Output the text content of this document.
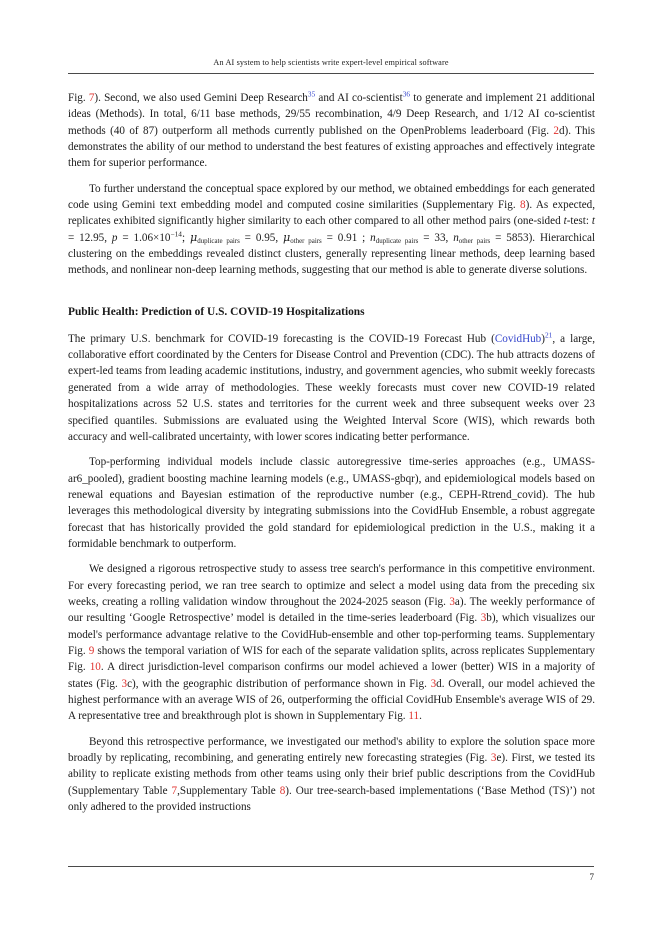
An AI system to help scientists write expert-level empirical software

Fig. 7). Second, we also used Gemini Deep Research$^{35}$ and AI co-scientist$^{36}$ to generate and implement 21 additional ideas (Methods). In total, 6/11 base methods, 29/55 recombination, 4/9 Deep Research, and 1/12 AI co-scientist methods (40 of 87) outperform all methods currently published on the OpenProblems leaderboard (Fig. 2d). This demonstrates the ability of our method to understand the best features of existing approaches and effectively integrate them for superior performance.

To further understand the conceptual space explored by our method, we obtained embeddings for each generated code using Gemini text embedding model and computed cosine similarities (Supplementary Fig. 8). As expected, replicates exhibited significantly higher similarity to each other compared to all other method pairs (one-sided t-test: t = 12.95, $p = 1.06\times 10^{-14}$; μduplicate pairs = 0.95, μother pairs = 0.91 ; nduplicate pairs = 33, nother pairs = 5853). Hierarchical clustering on the embeddings revealed distinct clusters, generally representing linear methods, deep learning based methods, and nonlinear non-deep learning methods, suggesting that our method is able to generate diverse solutions.

Public Health: Prediction of U.S. COVID-19 Hospitalizations

The primary U.S. benchmark for COVID-19 forecasting is the COVID-19 Forecast Hub (CovidHub)$^{21}$, a large, collaborative effort coordinated by the Centers for Disease Control and Prevention (CDC). The hub attracts dozens of expert-led teams from leading academic institutions, industry, and government agencies, who submit weekly forecasts generated from a wide array of methodologies. These weekly forecasts must cover new COVID-19 related hospitalizations across 52 U.S. states and territories for the current week and three subsequent weeks over 23 specified quantiles. Submissions are evaluated using the Weighted Interval Score (WIS), which rewards both accuracy and well-calibrated uncertainty, with lower scores indicating better performance.

Top-performing individual models include classic autoregressive time-series approaches (e.g., UMASS-ar6_pooled), gradient boosting machine learning models (e.g., UMASS-gbqr), and epidemiological models based on renewal equations and Bayesian estimation of the reproductive number (e.g., CEPH-Rtrend_covid). The hub leverages this methodological diversity by integrating submissions into the CovidHub Ensemble, a robust aggregate forecast that has historically provided the gold standard for epidemiological prediction in the U.S., making it a formidable benchmark to outperform.

We designed a rigorous retrospective study to assess tree search's performance in this competitive environment. For every forecasting period, we ran tree search to optimize and select a model using data from the preceding six weeks, creating a rolling validation window throughout the 2024-2025 season (Fig. 3a). The weekly performance of our resulting ‘Google Retrospective’ model is detailed in the time-series leaderboard (Fig. 3b), which visualizes our model's performance advantage relative to the CovidHub-ensemble and other top-performing teams. Supplementary Fig. 9 shows the temporal variation of WIS for each of the separate validation splits, across replicates Supplementary Fig. 10. A direct jurisdiction-level comparison confirms our model achieved a lower (better) WIS in a majority of states (Fig. 3c), with the geographic distribution of performance shown in Fig. 3d. Overall, our model achieved the highest performance with an average WIS of 26, outperforming the official CovidHub Ensemble's average WIS of 29. A representative tree and breakthrough plot is shown in Supplementary Fig. 11.

Beyond this retrospective performance, we investigated our method's ability to explore the solution space more broadly by replicating, recombining, and generating entirely new forecasting strategies (Fig. 3e). First, we tested its ability to replicate existing methods from other teams using only their brief public descriptions from the CovidHub (Supplementary Table 7,Supplementary Table 8). Our tree-search-based implementations (‘Base Method (TS)’) not only adhered to the provided instructions

7
